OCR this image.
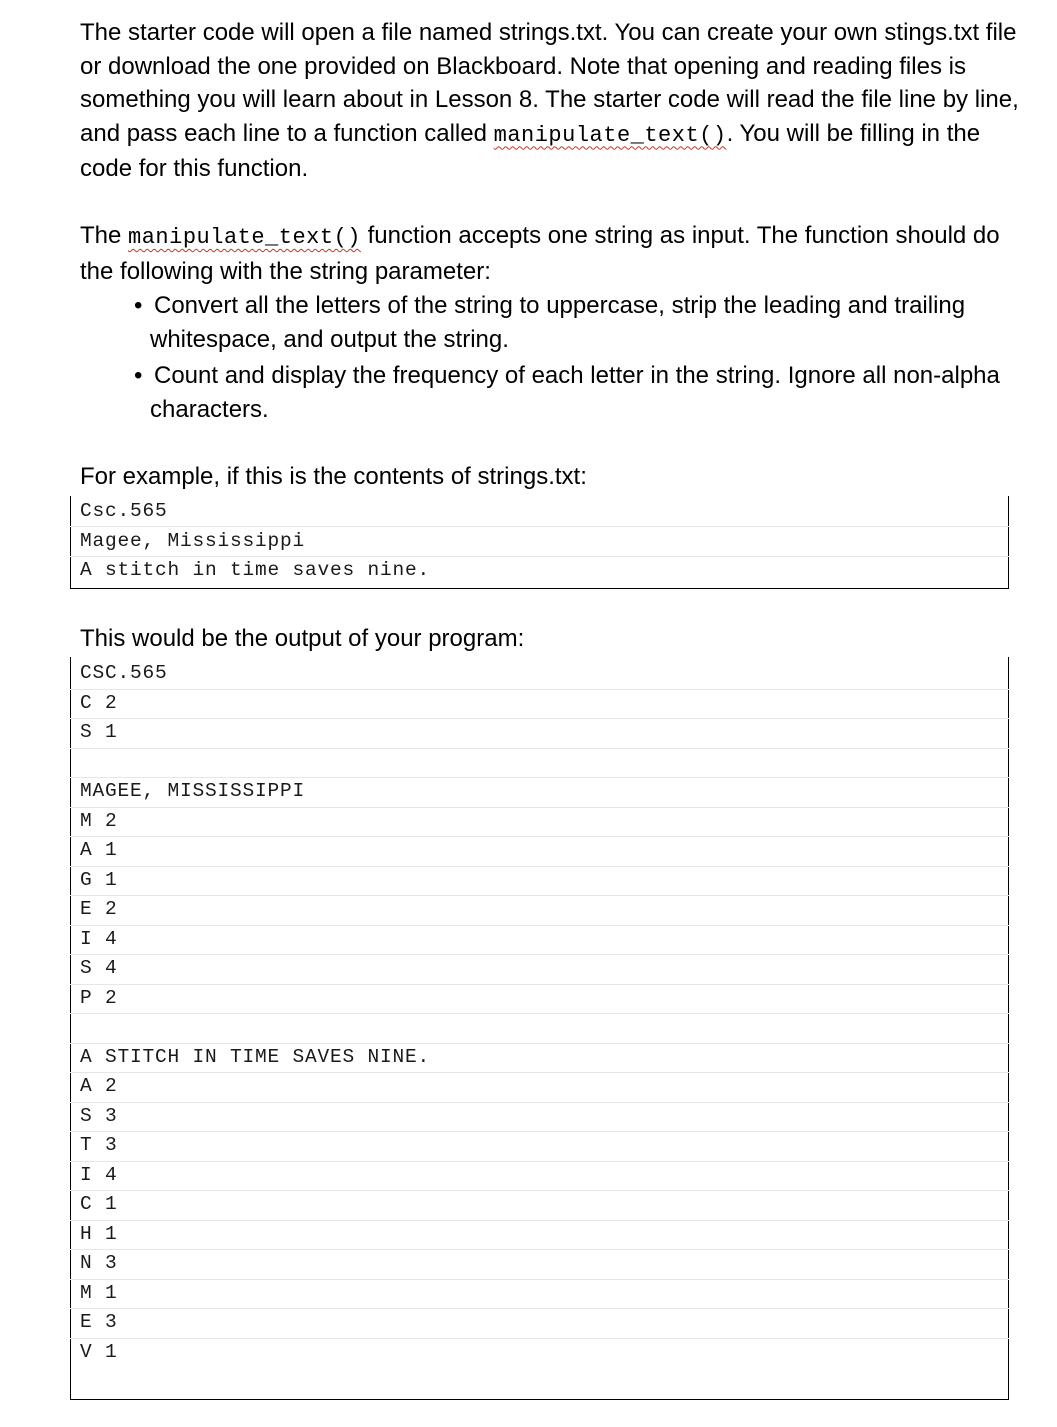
The starter code will open a file named strings.txt. You can create your own stings.txt file or download the one provided on Blackboard. Note that opening and reading files is something you will learn about in Lesson 8. The starter code will read the file line by line, and pass each line to a function called manipulate_text(). You will be filling in the code for this function.

The manipulate_text() function accepts one string as input. The function should do the following with the string parameter:

• Convert all the letters of the string to uppercase, strip the leading and trailing whitespace, and output the string.
• Count and display the frequency of each letter in the string. Ignore all non-alpha characters.

For example, if this is the contents of strings.txt:

Csc.565
Magee, Mississippi
A stitch in time saves nine.

This would be the output of your program:

CSC.565
C 2
S 1
MAGEE, MISSISSIPPI
M 2
A 1
G 1
E 2
I 4
S 4
P 2
A STITCH IN TIME SAVES NINE.
A 2
S 3
T 3
I 4
C 1
H 1
N 3
M 1
E 3
V 1
